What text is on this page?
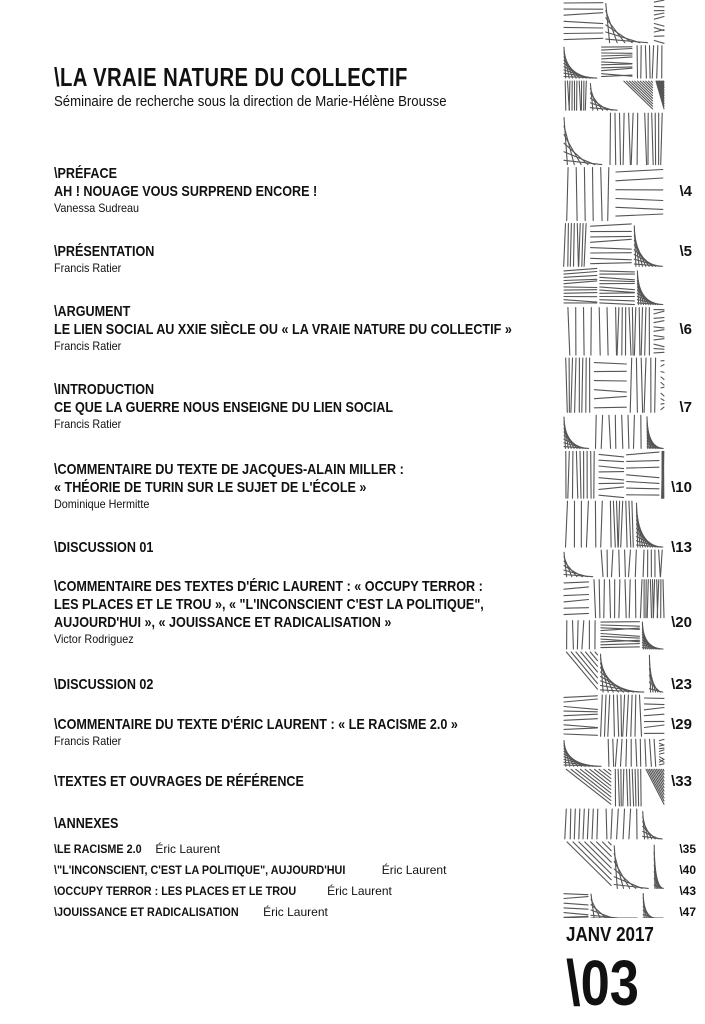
\LA VRAIE NATURE DU COLLECTIF

Séminaire de recherche sous la direction de Marie-Hélène Brousse

\PRÉFACE
AH ! NOUAGE VOUS SURPREND ENCORE !
Vanessa Sudreau
\4
\PRÉSENTATION
Francis Ratier
\5
\ARGUMENT
LE LIEN SOCIAL AU XXIE SIÈCLE OU « LA VRAIE NATURE DU COLLECTIF »
Francis Ratier
\6
\INTRODUCTION
CE QUE LA GUERRE NOUS ENSEIGNE DU LIEN SOCIAL
Francis Ratier
\7
\COMMENTAIRE DU TEXTE DE JACQUES-ALAIN MILLER :
« THÉORIE DE TURIN SUR LE SUJET DE L'ÉCOLE »
Dominique Hermitte
\10
\DISCUSSION 01	\13
\COMMENTAIRE DES TEXTES D'ÉRIC LAURENT : « OCCUPY TERROR :
LES PLACES ET LE TROU », « "L'INCONSCIENT C'EST LA POLITIQUE",
AUJOURD'HUI », « JOUISSANCE ET RADICALISATION »
Victor Rodriguez
\20
\DISCUSSION 02	\23
\COMMENTAIRE DU TEXTE D'ÉRIC LAURENT : « LE RACISME 2.0 »
Francis Ratier
\29
\TEXTES ET OUVRAGES DE RÉFÉRENCE	\33
\ANNEXES
\LE RACISME 2.0 Éric Laurent	\35
\"L'INCONSCIENT, C'EST LA POLITIQUE", AUJOURD'HUI	Éric Laurent	\40
\OCCUPY TERROR : LES PLACES ET LE TROU	Éric Laurent	\43
\JOUISSANCE ET RADICALISATION Éric Laurent	\47
JANV 2017
\03
